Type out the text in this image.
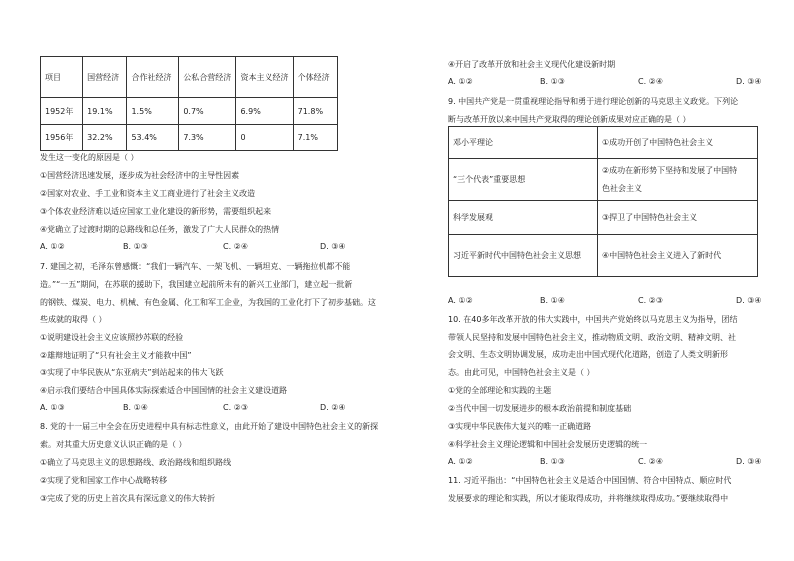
项目	国营经济	合作社经济	公私合营经济	资本主义经济	个体经济
1952年	19.1%	1.5%	0.7%	6.9%	71.8%
1956年	32.2%	53.4%	7.3%	0	7.1%
发生这一变化的原因是（ ）
①国营经济迅速发展，逐步成为社会经济中的主导性因素
②国家对农业、手工业和资本主义工商业进行了社会主义改造
③个体农业经济难以适应国家工业化建设的新形势，需要组织起来
④党确立了过渡时期的总路线和总任务，激发了广大人民群众的热情
A. ①②	B. ①③	C. ②④	D. ③④
7. 建国之初，毛泽东曾感慨：“我们一辆汽车、一架飞机、一辆坦克、一辆拖拉机都不能
造。”“一五”期间，在苏联的援助下，我国建立起前所未有的新兴工业部门，建立起一批新
的钢铁、煤炭、电力、机械、有色金属、化工和军工企业，为我国的工业化打下了初步基础。这
些成就的取得（ ）
①说明建设社会主义应该照抄苏联的经验
②雄辩地证明了“只有社会主义才能救中国”
③实现了中华民族从“东亚病夫”到站起来的伟大飞跃
④启示我们要结合中国具体实际探索适合中国国情的社会主义建设道路
A. ①③	B. ①④	C. ②③	D. ②④
8. 党的十一届三中全会在历史进程中具有标志性意义，由此开始了建设中国特色社会主义的新探
索。对其重大历史意义认识正确的是（ ）
①确立了马克思主义的思想路线、政治路线和组织路线
②实现了党和国家工作中心战略转移
③完成了党的历史上首次具有深远意义的伟大转折
④开启了改革开放和社会主义现代化建设新时期
A. ①②	B. ①③	C. ②④	D. ③④
9. 中国共产党是一贯重视理论指导和勇于进行理论创新的马克思主义政党。下列论
断与改革开放以来中国共产党取得的理论创新成果对应正确的是（ ）
邓小平理论	①成功开创了中国特色社会主义
“三个代表”重要思想	②成功在新形势下坚持和发展了中国特
色社会主义

科学发展观	③捍卫了中国特色社会主义
习近平新时代中国特色社会主义思想	④中国特色社会主义进入了新时代
A. ①②	B. ①④	C. ②③	D. ③④
10. 在40多年改革开放的伟大实践中，中国共产党始终以马克思主义为指导，团结
带领人民坚持和发展中国特色社会主义，推动物质文明、政治文明、精神文明、社
会文明、生态文明协调发展，成功走出中国式现代化道路，创造了人类文明新形
态。由此可见，中国特色社会主义是（ ）
①党的全部理论和实践的主题
②当代中国一切发展进步的根本政治前提和制度基础
③实现中华民族伟大复兴的唯一正确道路
④科学社会主义理论逻辑和中国社会发展历史逻辑的统一
A. ①②	B. ①③	C. ②④	D. ③④
11. 习近平指出：“中国特色社会主义是适合中国国情、符合中国特点、顺应时代
发展要求的理论和实践，所以才能取得成功，并将继续取得成功。”要继续取得中
